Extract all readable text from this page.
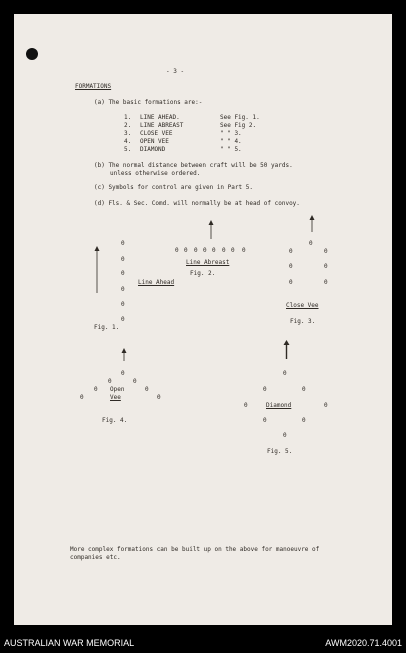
- 3 -
FORMATIONS
(a) The basic formations are:-
1. LINE AHEAD.	See Fig. 1.
2. LINE ABREAST	See Fig 2.
3. CLOSE VEE	" " 3.
4. OPEN VEE	" " 4.
5. DIAMOND	" " 5.
(b) The normal distance between craft will be 50 yards.
unless otherwise ordered.
(c) Symbols for control are given in Part 5.
(d) Fls. & Sec. Comd. will normally be at head of convoy.
0 0 0 0 0 0 0 0
Line Abreast
Fig. 2.
0
0
0
0
0
0
Line Ahead
Fig. 1.
0
0	0
0	0
0	0
Close Vee
Fig. 3.
0
0	0
0	0
0	0
Open
Vee
Fig. 4.
0
0	0
0	0
0	0
0
Diamond
Fig. 5.
More complex formations can be built up on the above for manoeuvre of
companies etc.
AUSTRALIAN WAR MEMORIAL	AWM2020.71.4001
